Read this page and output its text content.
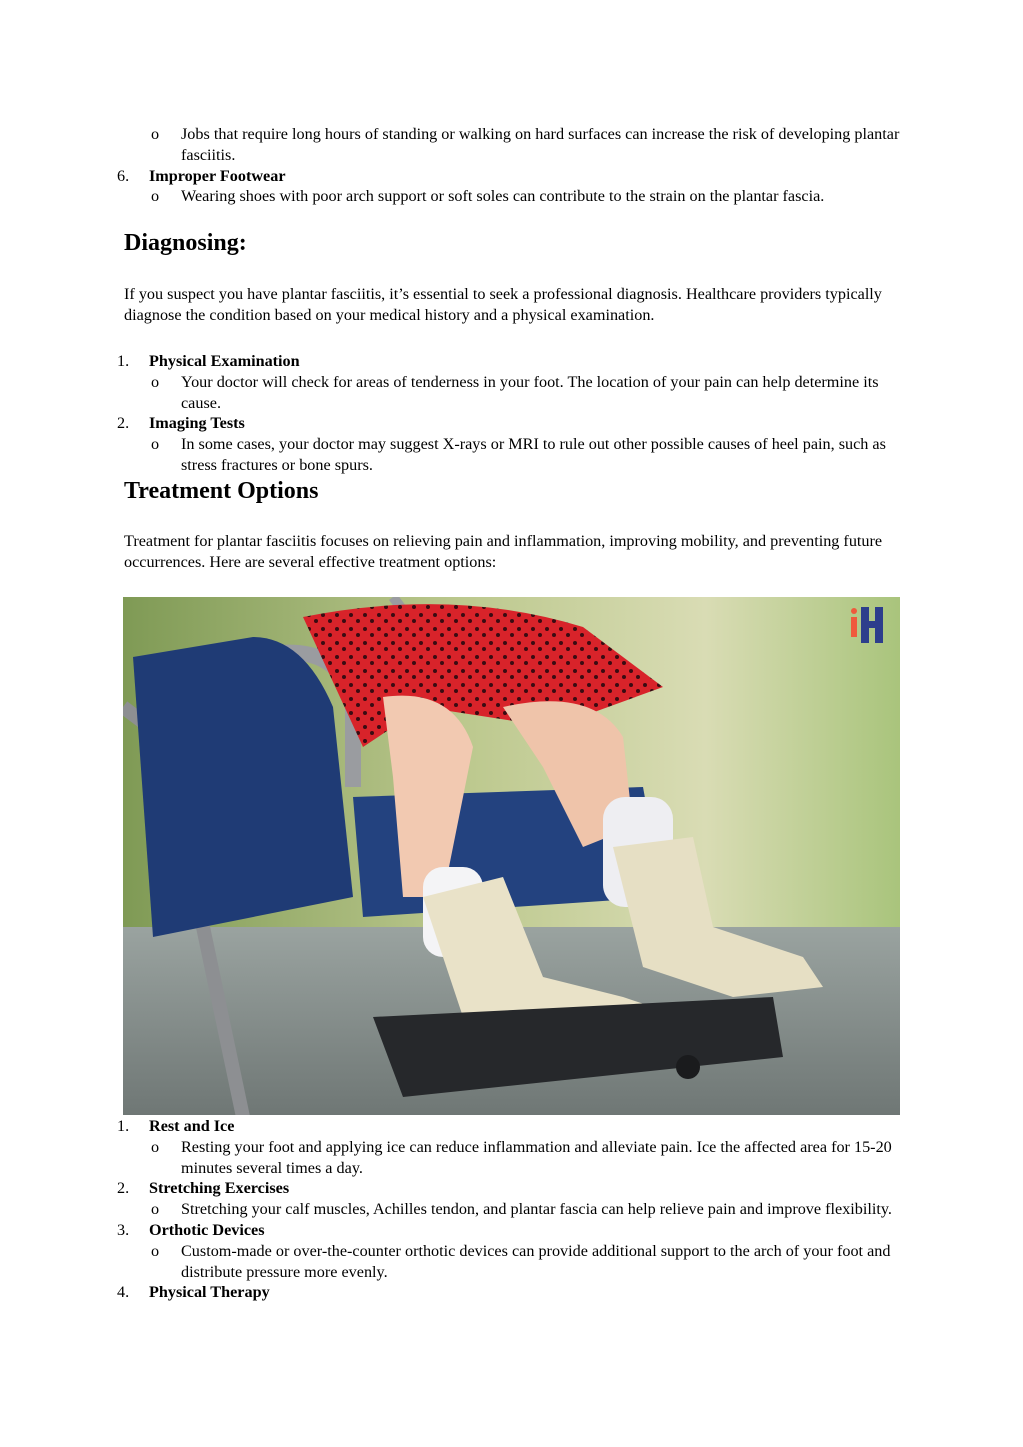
o Jobs that require long hours of standing or walking on hard surfaces can increase the risk of developing plantar fasciitis.
6. Improper Footwear
o Wearing shoes with poor arch support or soft soles can contribute to the strain on the plantar fascia.
Diagnosing:

If you suspect you have plantar fasciitis, it’s essential to seek a professional diagnosis. Healthcare providers typically diagnose the condition based on your medical history and a physical examination.

1. Physical Examination
o Your doctor will check for areas of tenderness in your foot. The location of your pain can help determine its cause.
2. Imaging Tests
o In some cases, your doctor may suggest X-rays or MRI to rule out other possible causes of heel pain, such as stress fractures or bone spurs.
Treatment Options

Treatment for plantar fasciitis focuses on relieving pain and inflammation, improving mobility, and preventing future occurrences. Here are several effective treatment options:

1. Rest and Ice
o Resting your foot and applying ice can reduce inflammation and alleviate pain. Ice the affected area for 15-20 minutes several times a day.
2. Stretching Exercises
o Stretching your calf muscles, Achilles tendon, and plantar fascia can help relieve pain and improve flexibility.
3. Orthotic Devices
o Custom-made or over-the-counter orthotic devices can provide additional support to the arch of your foot and distribute pressure more evenly.
4. Physical Therapy
